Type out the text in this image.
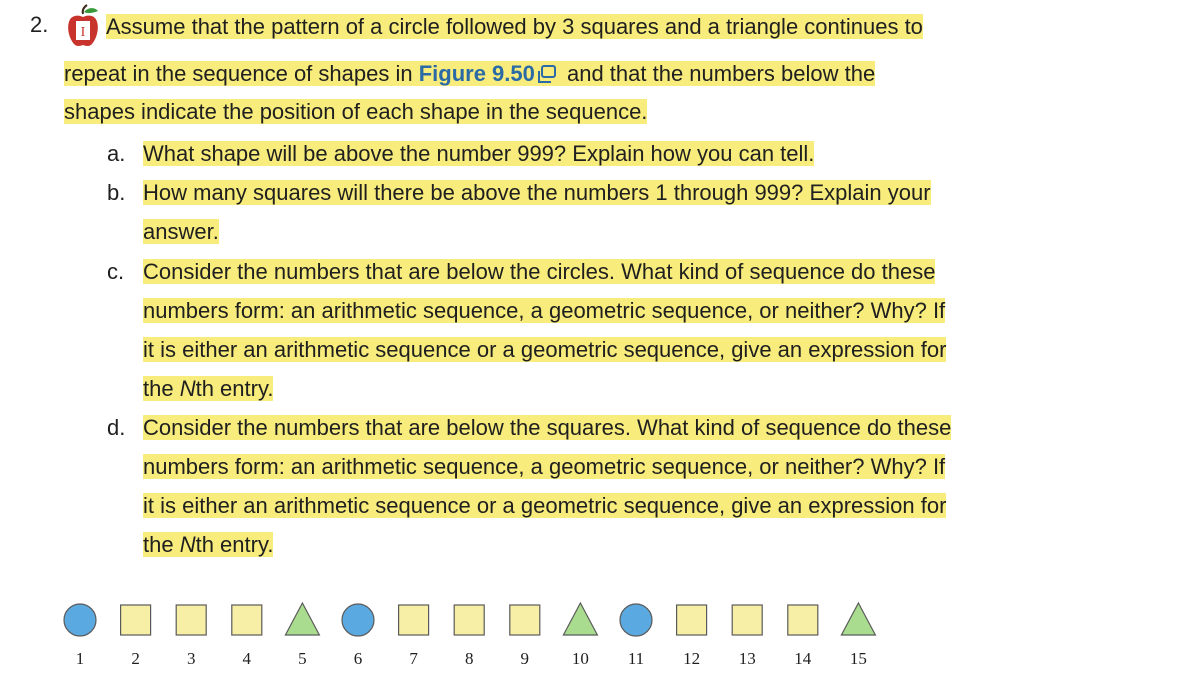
2. I Assume that the pattern of a circle followed by 3 squares and a triangle continues to
repeat in the sequence of shapes in Figure 9.50 and that the numbers below the
shapes indicate the position of each shape in the sequence.
a. What shape will be above the number 999? Explain how you can tell.
b. How many squares will there be above the numbers 1 through 999? Explain your
answer.
c. Consider the numbers that are below the circles. What kind of sequence do these
numbers form: an arithmetic sequence, a geometric sequence, or neither? Why? If
it is either an arithmetic sequence or a geometric sequence, give an expression for
the Nth entry.
d. Consider the numbers that are below the squares. What kind of sequence do these
numbers form: an arithmetic sequence, a geometric sequence, or neither? Why? If
it is either an arithmetic sequence or a geometric sequence, give an expression for
the Nth entry.
1	2	3	4	5	6	7	8	9	10 11 12 13 14 15
